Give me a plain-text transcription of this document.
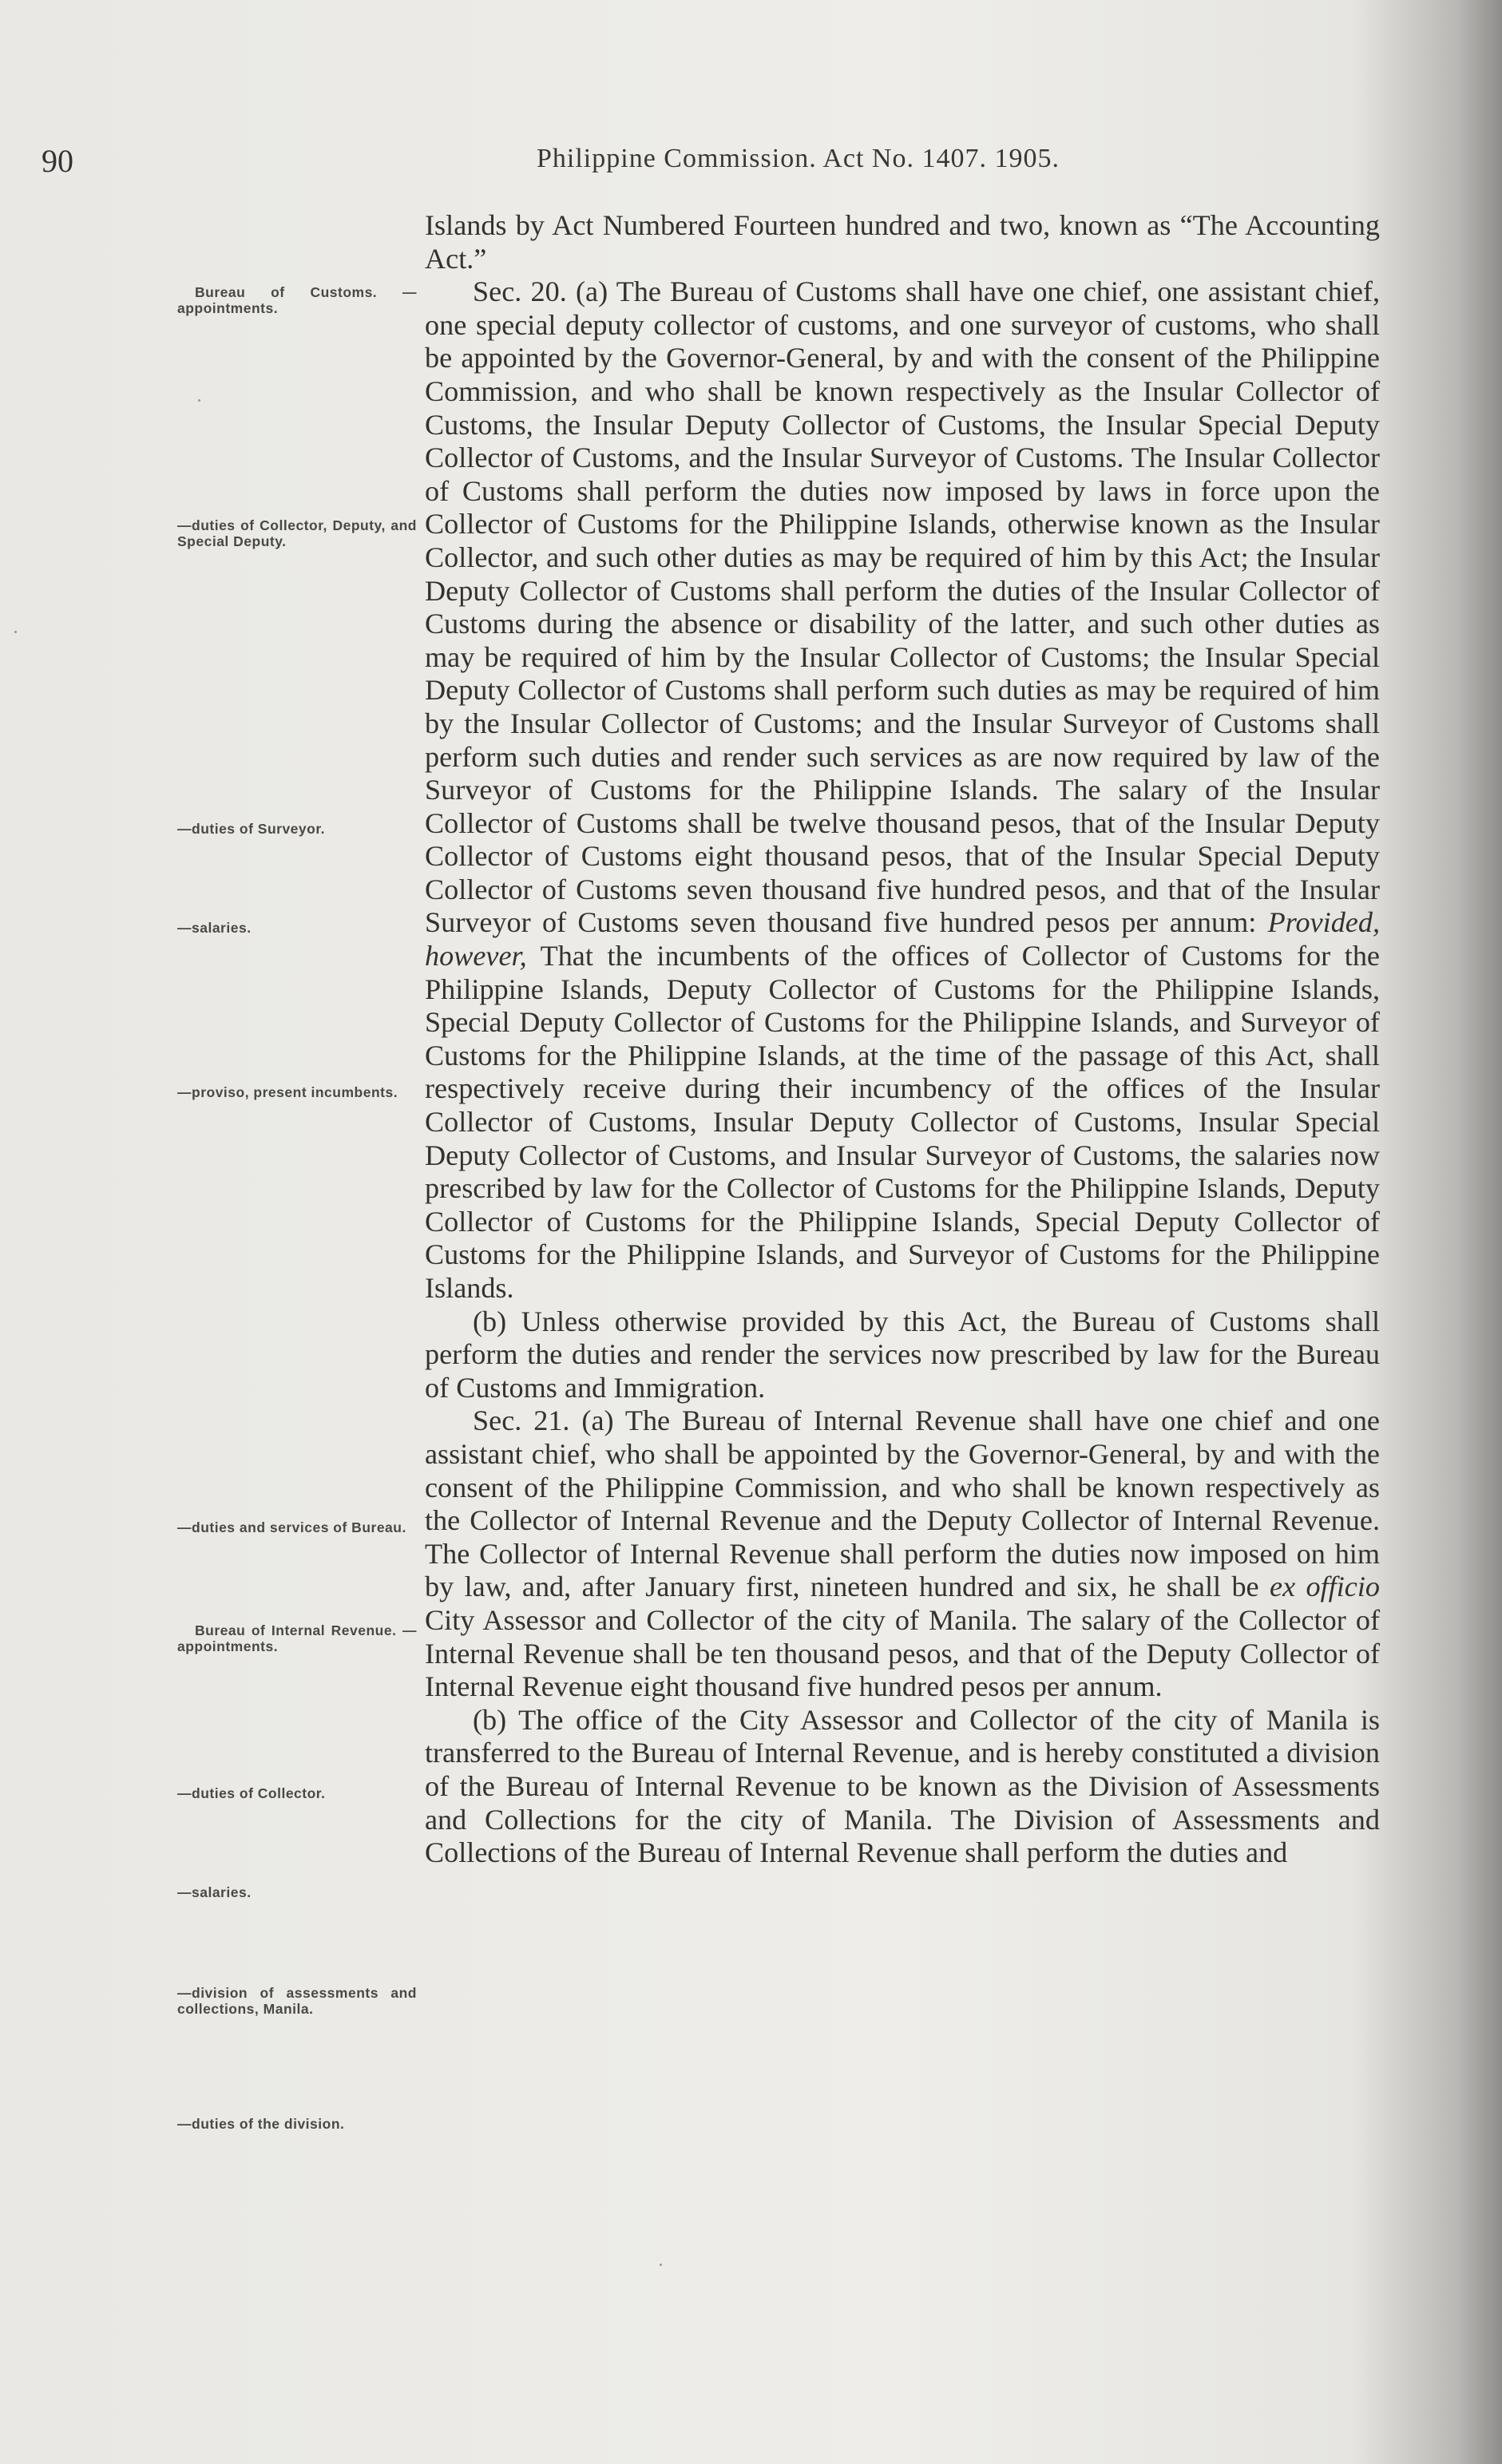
90	Philippine Commission. Act No. 1407. 1905.

Islands by Act Numbered Fourteen hundred and two, known as “The Accounting Act.”

Sec. 20. (a) The Bureau of Customs shall have one chief, one assistant chief, one special deputy collector of customs, and one surveyor of customs, who shall be appointed by the Governor-General, by and with the consent of the Philippine Commission, and who shall be known respectively as the Insular Collector of Customs, the Insular Deputy Collector of Customs, the Insular Special Deputy Collector of Customs, and the Insular Surveyor of Customs. The Insular Collector of Customs shall perform the duties now imposed by laws in force upon the Collector of Customs for the Philippine Islands, otherwise known as the Insular Collector, and such other duties as may be required of him by this Act; the Insular Deputy Collector of Customs shall perform the duties of the Insular Collector of Customs during the absence or disability of the latter, and such other duties as may be required of him by the Insular Collector of Customs; the Insular Special Deputy Collector of Customs shall perform such duties as may be required of him by the Insular Collector of Customs; and the Insular Surveyor of Customs shall perform such duties and render such services as are now required by law of the Surveyor of Customs for the Philippine Islands. The salary of the Insular Collector of Customs shall be twelve thousand pesos, that of the Insular Deputy Collector of Customs eight thousand pesos, that of the Insular Special Deputy Collector of Customs seven thousand five hundred pesos, and that of the Insular Surveyor of Customs seven thousand five hundred pesos per annum: Provided, however, That the incumbents of the offices of Collector of Customs for the Philippine Islands, Deputy Collector of Customs for the Philippine Islands, Special Deputy Collector of Customs for the Philippine Islands, and Surveyor of Customs for the Philippine Islands, at the time of the passage of this Act, shall respectively receive during their incumbency of the offices of the Insular Collector of Customs, Insular Deputy Collector of Customs, Insular Special Deputy Collector of Customs, and Insular Surveyor of Customs, the salaries now prescribed by law for the Collector of Customs for the Philippine Islands, Deputy Collector of Customs for the Philippine Islands, Special Deputy Collector of Customs for the Philippine Islands, and Surveyor of Customs for the Philippine Islands.

(b) Unless otherwise provided by this Act, the Bureau of Customs shall perform the duties and render the services now prescribed by law for the Bureau of Customs and Immigration.

Sec. 21. (a) The Bureau of Internal Revenue shall have one chief and one assistant chief, who shall be appointed by the Governor-General, by and with the consent of the Philippine Commission, and who shall be known respectively as the Collector of Internal Revenue and the Deputy Collector of Internal Revenue. The Collector of Internal Revenue shall perform the duties now imposed on him by law, and, after January first, nineteen hundred and six, he shall be ex officio City Assessor and Collector of the city of Manila. The salary of the Collector of Internal Revenue shall be ten thousand pesos, and that of the Deputy Collector of Internal Revenue eight thousand five hundred pesos per annum.

(b) The office of the City Assessor and Collector of the city of Manila is transferred to the Bureau of Internal Revenue, and is hereby constituted a division of the Bureau of Internal Revenue to be known as the Division of Assessments and Collections for the city of Manila. The Division of Assessments and Collections of the Bureau of Internal Revenue shall perform the duties and

Bureau of Customs. —appointments.
—duties of Collector, Deputy, and Special Deputy.
—duties of Surveyor.
—salaries.
—proviso, present incumbents.
—duties and services of Bureau.
Bureau of Internal Revenue. —appointments.
—duties of Collector.
—salaries.
—division of assessments and collections, Manila.
—duties of the division.
